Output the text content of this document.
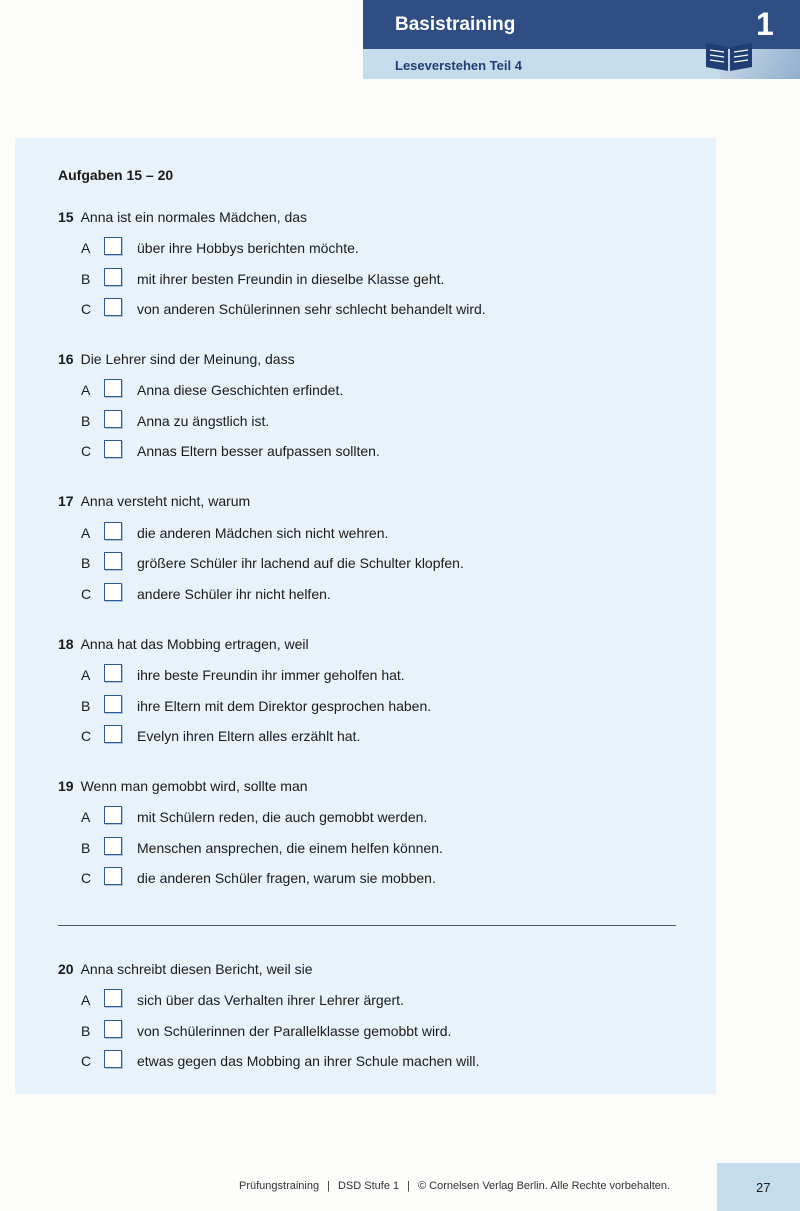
Basistraining	1
Leseverstehen Teil 4
Aufgaben 15 – 20
15 Anna ist ein normales Mädchen, das
A	über ihre Hobbys berichten möchte.
B	mit ihrer besten Freundin in dieselbe Klasse geht.
C	von anderen Schülerinnen sehr schlecht behandelt wird.
16 Die Lehrer sind der Meinung, dass
A	Anna diese Geschichten erfindet.
B	Anna zu ängstlich ist.
C	Annas Eltern besser aufpassen sollten.
17 Anna versteht nicht, warum
A	die anderen Mädchen sich nicht wehren.
B	größere Schüler ihr lachend auf die Schulter klopfen.
C	andere Schüler ihr nicht helfen.
18 Anna hat das Mobbing ertragen, weil
A	ihre beste Freundin ihr immer geholfen hat.
B	ihre Eltern mit dem Direktor gesprochen haben.
C	Evelyn ihren Eltern alles erzählt hat.
19 Wenn man gemobbt wird, sollte man
A	mit Schülern reden, die auch gemobbt werden.
B	Menschen ansprechen, die einem helfen können.
C	die anderen Schüler fragen, warum sie mobben.
20 Anna schreibt diesen Bericht, weil sie
A	sich über das Verhalten ihrer Lehrer ärgert.
B	von Schülerinnen der Parallelklasse gemobbt wird.
C	etwas gegen das Mobbing an ihrer Schule machen will.
Prüfungstraining | DSD Stufe 1 | © Cornelsen Verlag Berlin. Alle Rechte vorbehalten.	27
